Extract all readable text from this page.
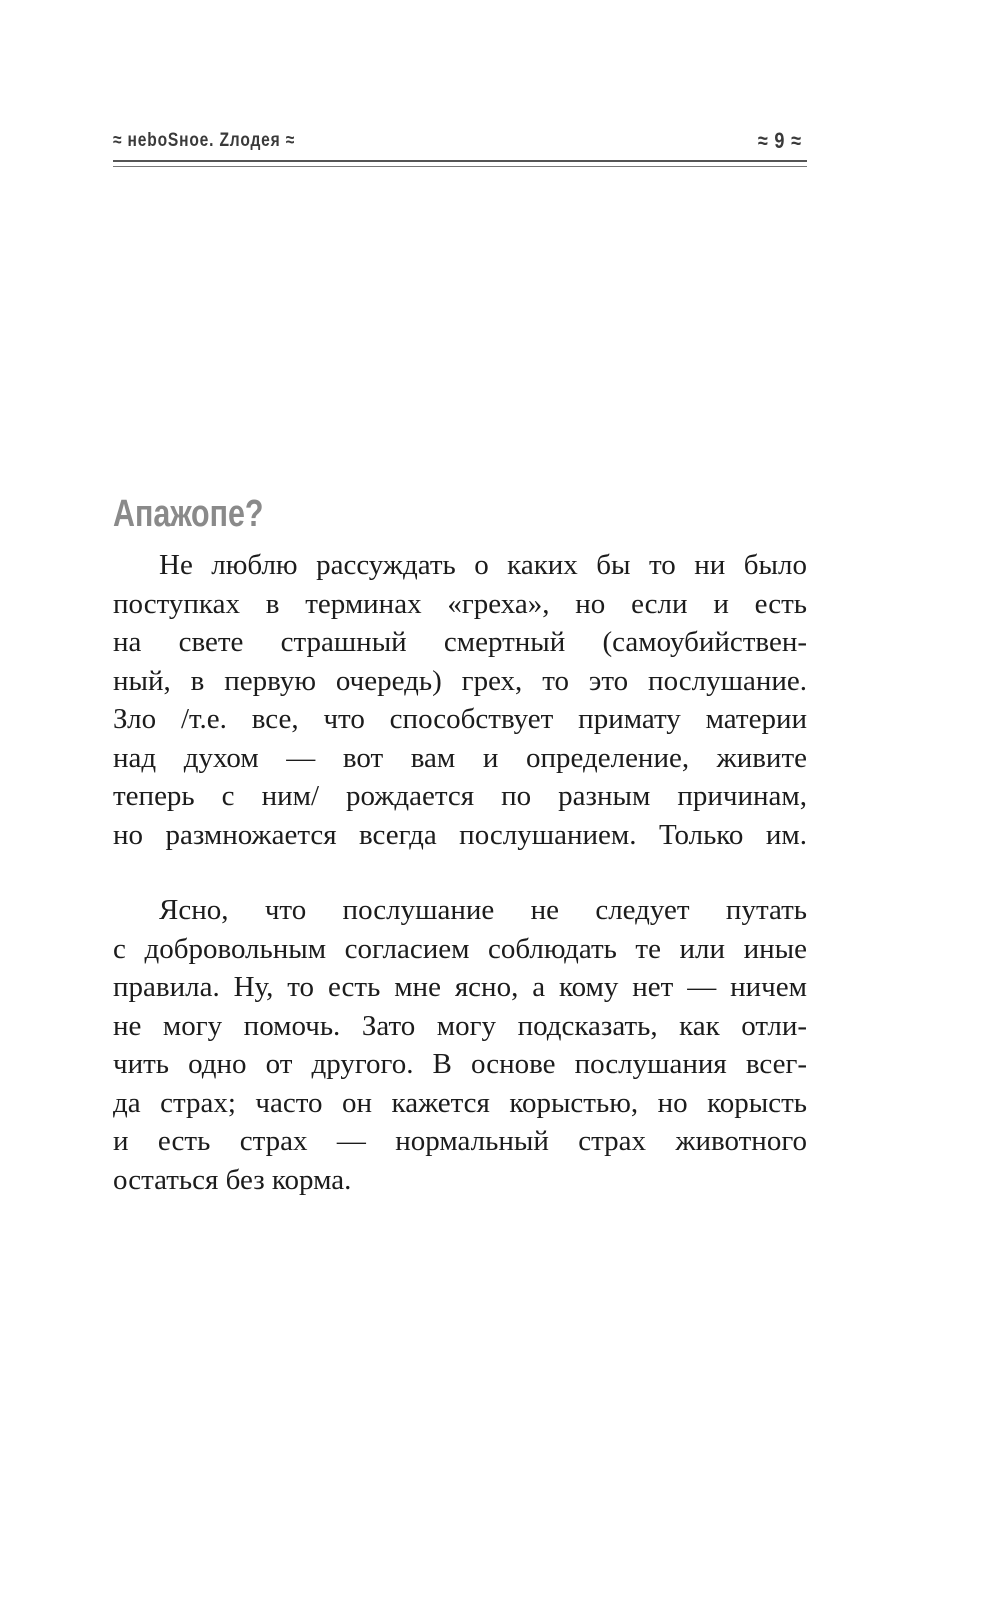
≈ неboSное. Zлодея ≈	≈ 9 ≈
Апажопе?
Не люблю рассуждать о каких бы то ни было
поступках в терминах «греха», но если и есть
на свете страшный смертный (самоубийствен-
ный, в первую очередь) грех, то это послушание.
Зло /т.е. все, что способствует примату материи
над духом — вот вам и определение, живите
теперь с ним/ рождается по разным причинам,
но размножается всегда послушанием. Только им.
Ясно, что послушание не следует путать
с добровольным согласием соблюдать те или иные
правила. Ну, то есть мне ясно, а кому нет — ничем
не могу помочь. Зато могу подсказать, как отли-
чить одно от другого. В основе послушания всег-
да страх; часто он кажется корыстью, но корысть
и есть страх — нормальный страх животного
остаться без корма.
